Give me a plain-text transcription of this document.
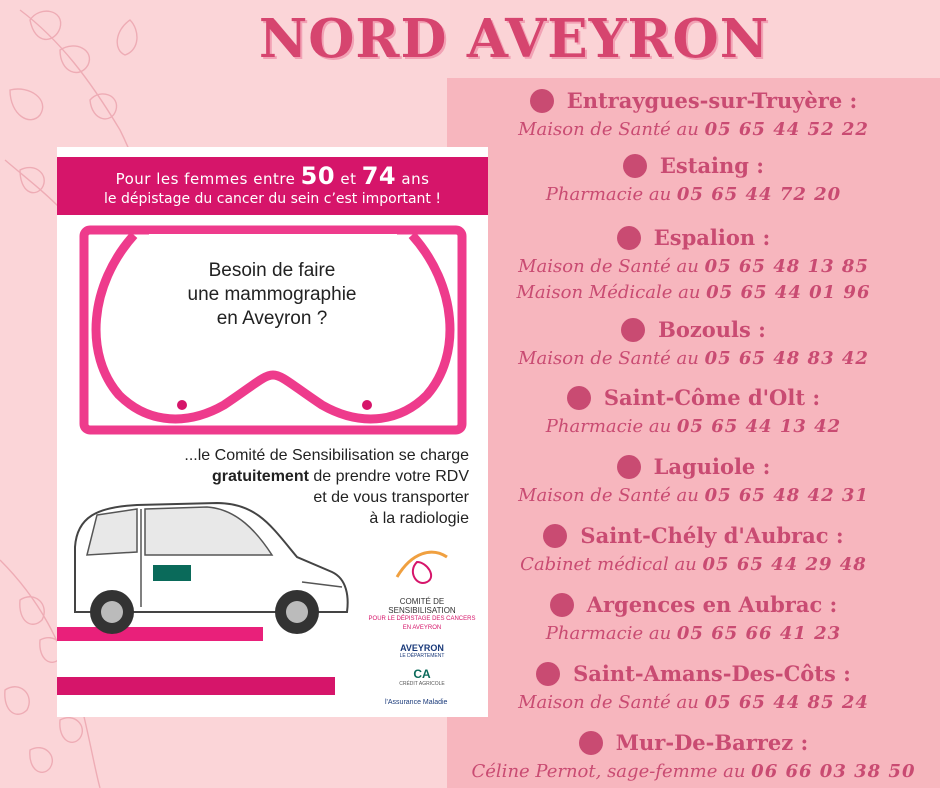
NORD AVEYRON
Pour les femmes entre 50 et 74 ans
le dépistage du cancer du sein c’est important !
Besoin de faire
une mammographie
en Aveyron ?
...le Comité de Sensibilisation se charge
gratuitement de prendre votre RDV
et de vous transporter
à la radiologie
COMITÉ DE SENSIBILISATION
POUR LE DÉPISTAGE DES CANCERS
EN AVEYRON
AVEYRON
LE DÉPARTEMENT
CA
CRÉDIT AGRICOLE
l'Assurance Maladie
Entraygues-sur-Truyère :
Maison de Santé au 05 65 44 52 22
Estaing :
Pharmacie au 05 65 44 72 20
Espalion :
Maison de Santé au 05 65 48 13 85
Maison Médicale au 05 65 44 01 96
Bozouls :
Maison de Santé au 05 65 48 83 42
Saint-Côme d'Olt :
Pharmacie au 05 65 44 13 42
Laguiole :
Maison de Santé au 05 65 48 42 31
Saint-Chély d'Aubrac :
Cabinet médical au 05 65 44 29 48
Argences en Aubrac :
Pharmacie au 05 65 66 41 23
Saint-Amans-Des-Côts :
Maison de Santé au 05 65 44 85 24
Mur-De-Barrez :
Céline Pernot, sage-femme au 06 66 03 38 50
